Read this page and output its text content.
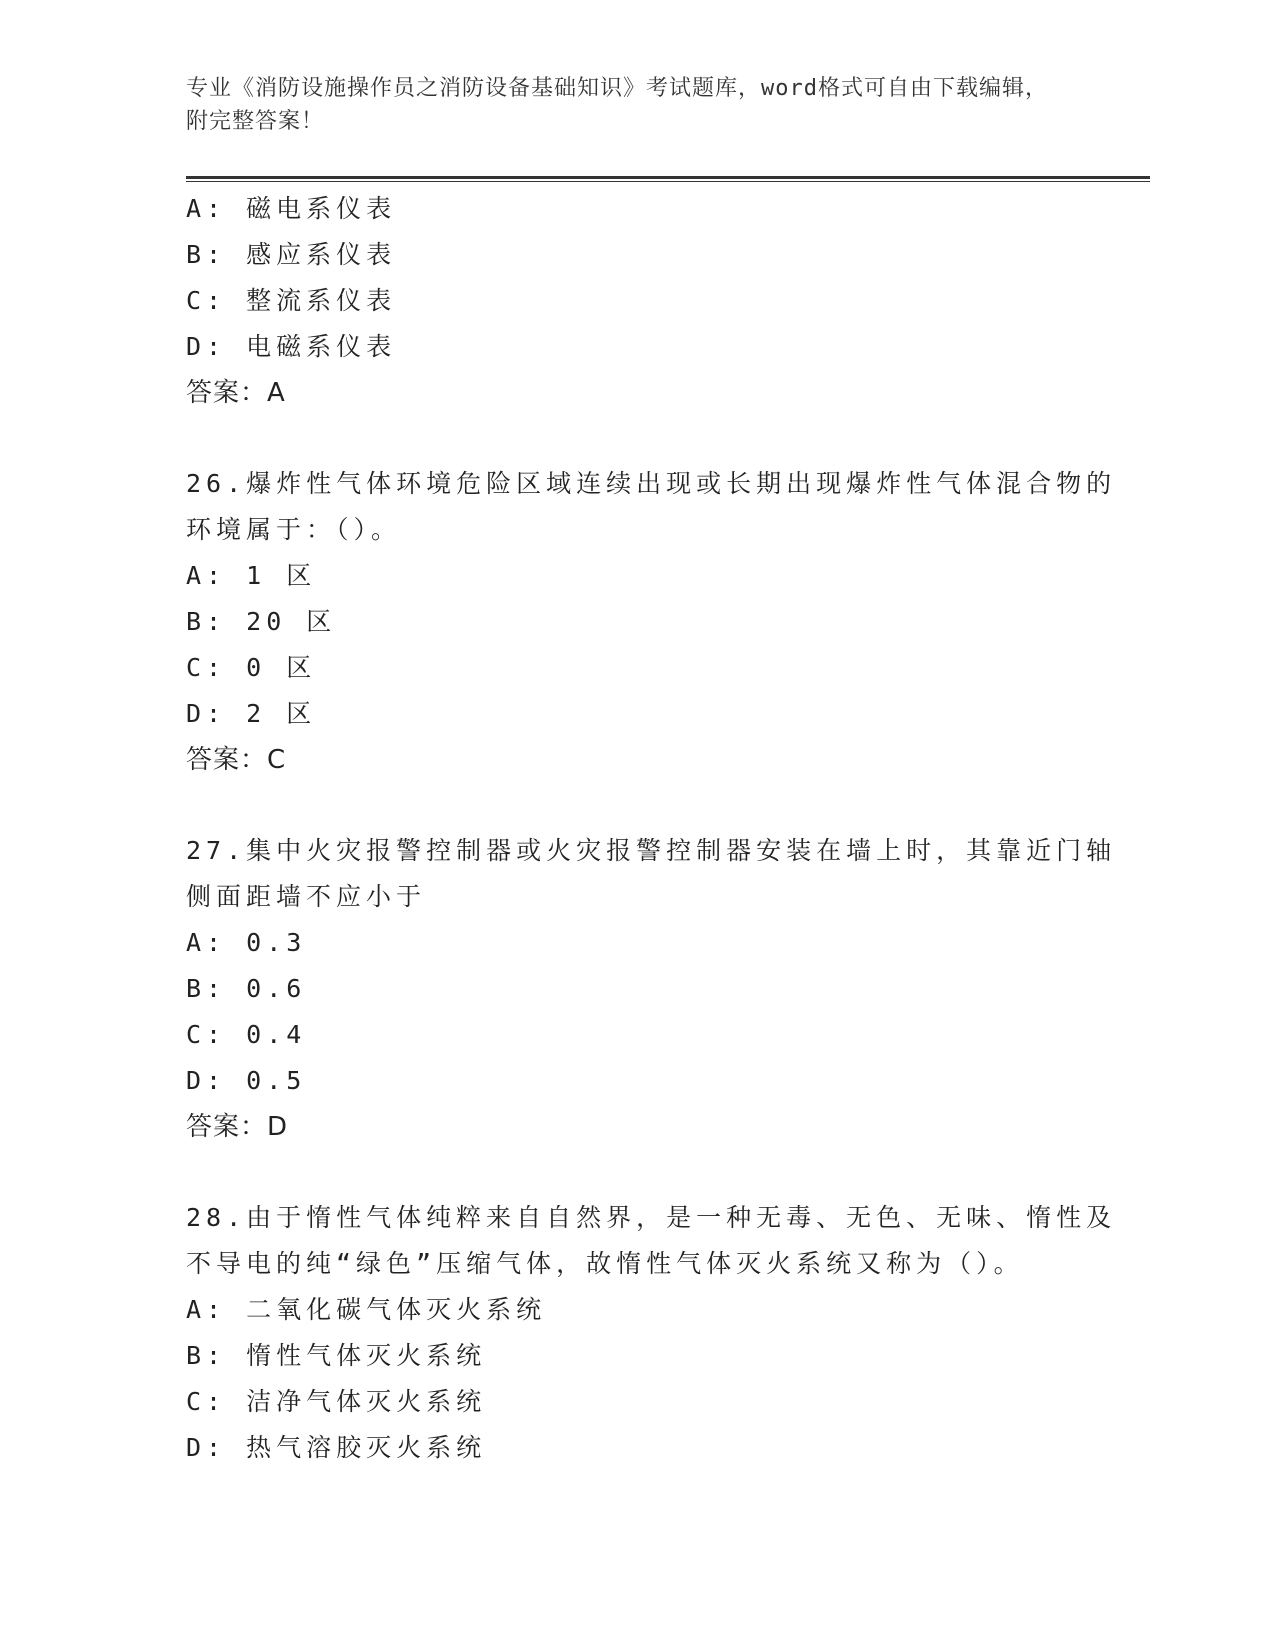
专业《消防设施操作员之消防设备基础知识》考试题库，word格式可自由下载编辑，附完整答案！
A: 磁电系仪表
B: 感应系仪表
C: 整流系仪表
D: 电磁系仪表
答案：A
26.爆炸性气体环境危险区域连续出现或长期出现爆炸性气体混合物的
环境属于：（）。
A: 1 区
B: 20 区
C: 0 区
D: 2 区
答案：C
27.集中火灾报警控制器或火灾报警控制器安装在墙上时，其靠近门轴
侧面距墙不应小于
A: 0.3
B: 0.6
C: 0.4
D: 0.5
答案：D
28.由于惰性气体纯粹来自自然界，是一种无毒、无色、无味、惰性及
不导电的纯“绿色”压缩气体，故惰性气体灭火系统又称为（）。
A: 二氧化碳气体灭火系统
B: 惰性气体灭火系统
C: 洁净气体灭火系统
D: 热气溶胶灭火系统
